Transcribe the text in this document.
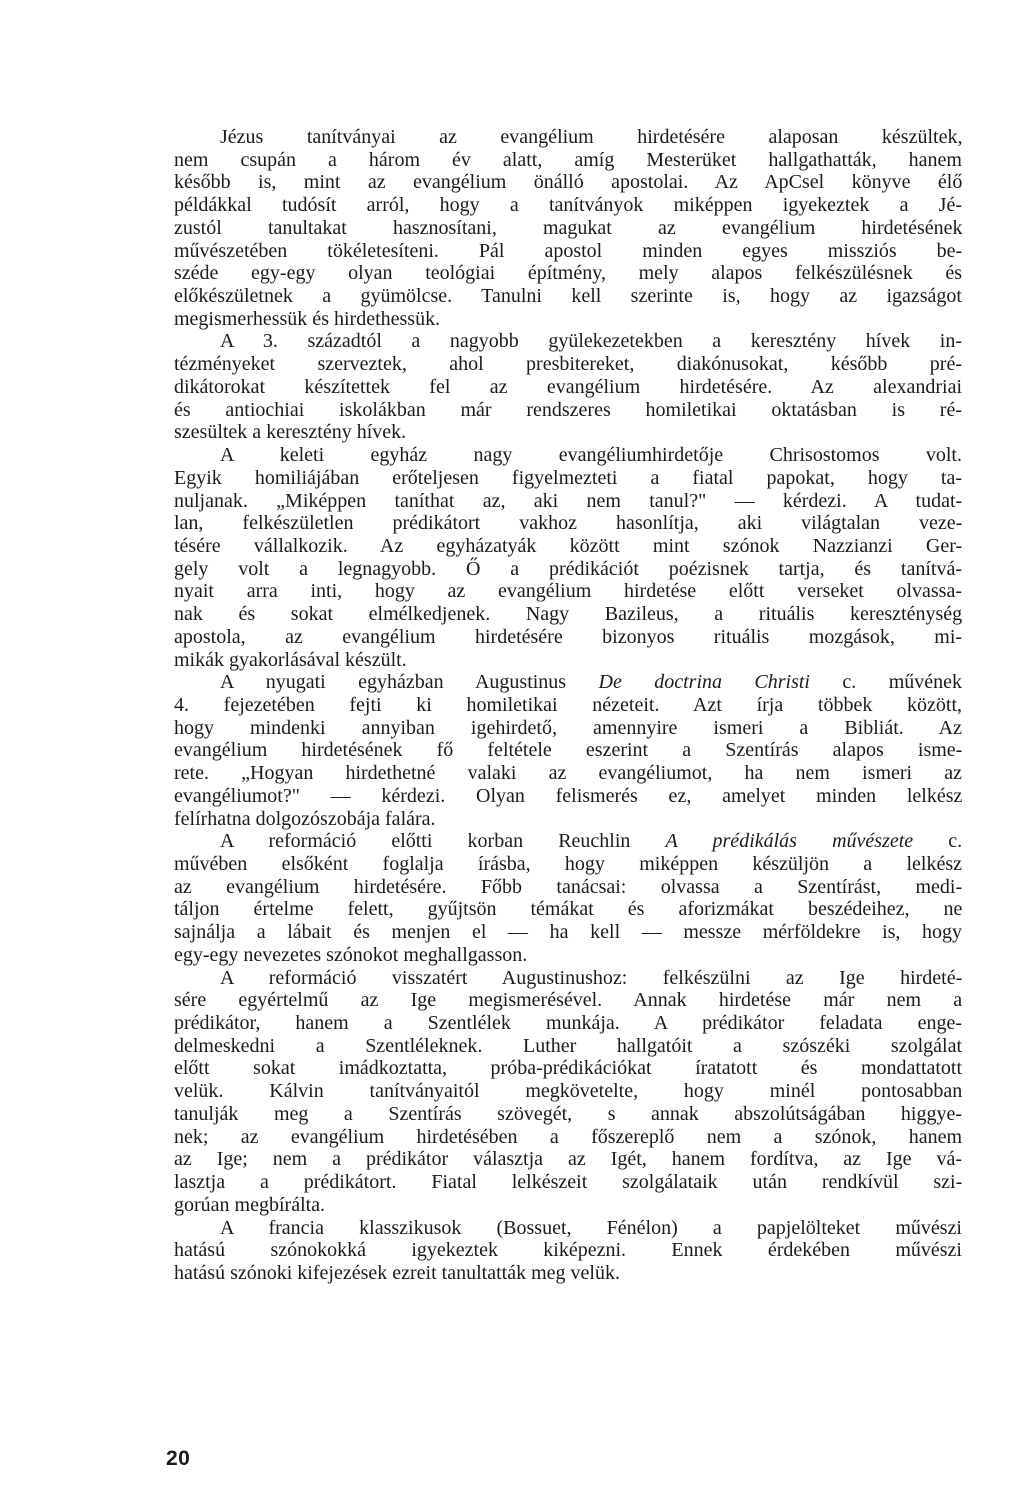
Jézus tanítványai az evangélium hirdetésére alaposan készültek,
nem csupán a három év alatt, amíg Mesterüket hallgathatták, hanem
később is, mint az evangélium önálló apostolai. Az ApCsel könyve élő
példákkal tudósít arról, hogy a tanítványok miképpen igyekeztek a Jé-
zustól tanultakat hasznosítani, magukat az evangélium hirdetésének
művészetében tökéletesíteni. Pál apostol minden egyes missziós be-
széde egy-egy olyan teológiai építmény, mely alapos felkészülésnek és
előkészületnek a gyümölcse. Tanulni kell szerinte is, hogy az igazságot
megismerhessük és hirdethessük.
A 3. századtól a nagyobb gyülekezetekben a keresztény hívek in-
tézményeket szerveztek, ahol presbitereket, diakónusokat, később pré-
dikátorokat készítettek fel az evangélium hirdetésére. Az alexandriai
és antiochiai iskolákban már rendszeres homiletikai oktatásban is ré-
szesültek a keresztény hívek.
A keleti egyház nagy evangéliumhirdetője Chrisostomos volt.
Egyik homiliájában erőteljesen figyelmezteti a fiatal papokat, hogy ta-
nuljanak. „Miképpen taníthat az, aki nem tanul?" — kérdezi. A tudat-
lan, felkészületlen prédikátort vakhoz hasonlítja, aki világtalan veze-
tésére vállalkozik. Az egyházatyák között mint szónok Nazzianzi Ger-
gely volt a legnagyobb. Ő a prédikációt poézisnek tartja, és tanítvá-
nyait arra inti, hogy az evangélium hirdetése előtt verseket olvassa-
nak és sokat elmélkedjenek. Nagy Bazileus, a rituális kereszténység
apostola, az evangélium hirdetésére bizonyos rituális mozgások, mi-
mikák gyakorlásával készült.
A nyugati egyházban Augustinus De doctrina Christi c. művének
4. fejezetében fejti ki homiletikai nézeteit. Azt írja többek között,
hogy mindenki annyiban igehirdető, amennyire ismeri a Bibliát. Az
evangélium hirdetésének fő feltétele eszerint a Szentírás alapos isme-
rete. „Hogyan hirdethetné valaki az evangéliumot, ha nem ismeri az
evangéliumot?" — kérdezi. Olyan felismerés ez, amelyet minden lelkész
felírhatna dolgozószobája falára.
A reformáció előtti korban Reuchlin A prédikálás művészete c.
művében elsőként foglalja írásba, hogy miképpen készüljön a lelkész
az evangélium hirdetésére. Főbb tanácsai: olvassa a Szentírást, medi-
táljon értelme felett, gyűjtsön témákat és aforizmákat beszédeihez, ne
sajnálja a lábait és menjen el — ha kell — messze mérföldekre is, hogy
egy-egy nevezetes szónokot meghallgasson.
A reformáció visszatért Augustinushoz: felkészülni az Ige hirdeté-
sére egyértelmű az Ige megismerésével. Annak hirdetése már nem a
prédikátor, hanem a Szentlélek munkája. A prédikátor feladata enge-
delmeskedni a Szentléleknek. Luther hallgatóit a szószéki szolgálat
előtt sokat imádkoztatta, próba-prédikációkat íratatott és mondattatott
velük. Kálvin tanítványaitól megkövetelte, hogy minél pontosabban
tanulják meg a Szentírás szövegét, s annak abszolútságában higgye-
nek; az evangélium hirdetésében a főszereplő nem a szónok, hanem
az Ige; nem a prédikátor választja az Igét, hanem fordítva, az Ige vá-
lasztja a prédikátort. Fiatal lelkészeit szolgálataik után rendkívül szi-
gorúan megbírálta.
A francia klasszikusok (Bossuet, Fénélon) a papjelölteket művészi
hatású szónokokká igyekeztek kiképezni. Ennek érdekében művészi
hatású szónoki kifejezések ezreit tanultatták meg velük.
20
